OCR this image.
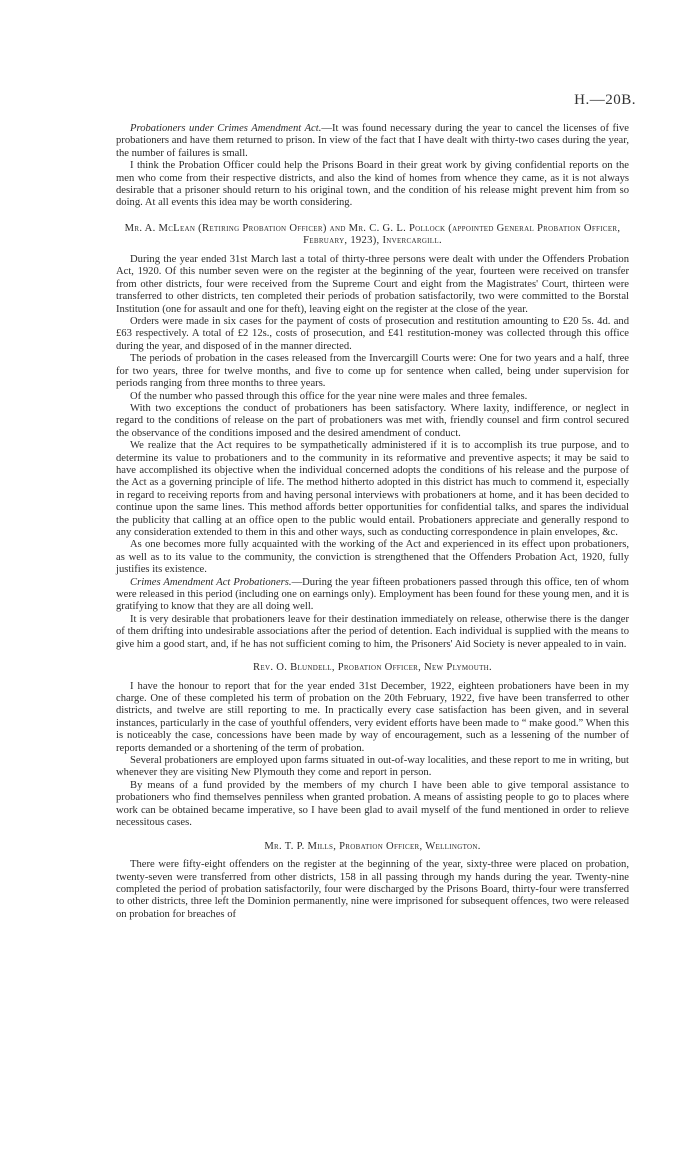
H.—20B.

Probationers under Crimes Amendment Act.—It was found necessary during the year to cancel the licenses of five probationers and have them returned to prison. In view of the fact that I have dealt with thirty-two cases during the year, the number of failures is small.

I think the Probation Officer could help the Prisons Board in their great work by giving confidential reports on the men who come from their respective districts, and also the kind of homes from whence they came, as it is not always desirable that a prisoner should return to his original town, and the condition of his release might prevent him from so doing. At all events this idea may be worth considering.

Mr. A. McLean (Retiring Probation Officer) and Mr. C. G. L. Pollock (appointed General Probation Officer, February, 1923), Invercargill.

During the year ended 31st March last a total of thirty-three persons were dealt with under the Offenders Probation Act, 1920. Of this number seven were on the register at the beginning of the year, fourteen were received on transfer from other districts, four were received from the Supreme Court and eight from the Magistrates' Court, thirteen were transferred to other districts, ten completed their periods of probation satisfactorily, two were committed to the Borstal Institution (one for assault and one for theft), leaving eight on the register at the close of the year.

Orders were made in six cases for the payment of costs of prosecution and restitution amounting to £20 5s. 4d. and £63 respectively. A total of £2 12s., costs of prosecution, and £41 restitution-money was collected through this office during the year, and disposed of in the manner directed.

The periods of probation in the cases released from the Invercargill Courts were: One for two years and a half, three for two years, three for twelve months, and five to come up for sentence when called, being under supervision for periods ranging from three months to three years.

Of the number who passed through this office for the year nine were males and three females.

With two exceptions the conduct of probationers has been satisfactory. Where laxity, indifference, or neglect in regard to the conditions of release on the part of probationers was met with, friendly counsel and firm control secured the observance of the conditions imposed and the desired amendment of conduct.

We realize that the Act requires to be sympathetically administered if it is to accomplish its true purpose, and to determine its value to probationers and to the community in its reformative and preventive aspects; it may be said to have accomplished its objective when the individual concerned adopts the conditions of his release and the purpose of the Act as a governing principle of life. The method hitherto adopted in this district has much to commend it, especially in regard to receiving reports from and having personal interviews with probationers at home, and it has been decided to continue upon the same lines. This method affords better opportunities for confidential talks, and spares the individual the publicity that calling at an office open to the public would entail. Probationers appreciate and generally respond to any consideration extended to them in this and other ways, such as conducting correspondence in plain envelopes, &c.

As one becomes more fully acquainted with the working of the Act and experienced in its effect upon probationers, as well as to its value to the community, the conviction is strengthened that the Offenders Probation Act, 1920, fully justifies its existence.

Crimes Amendment Act Probationers.—During the year fifteen probationers passed through this office, ten of whom were released in this period (including one on earnings only). Employment has been found for these young men, and it is gratifying to know that they are all doing well.

It is very desirable that probationers leave for their destination immediately on release, otherwise there is the danger of them drifting into undesirable associations after the period of detention. Each individual is supplied with the means to give him a good start, and, if he has not sufficient coming to him, the Prisoners' Aid Society is never appealed to in vain.

Rev. O. Blundell, Probation Officer, New Plymouth.

I have the honour to report that for the year ended 31st December, 1922, eighteen probationers have been in my charge. One of these completed his term of probation on the 20th February, 1922, five have been transferred to other districts, and twelve are still reporting to me. In practically every case satisfaction has been given, and in several instances, particularly in the case of youthful offenders, very evident efforts have been made to “ make good.” When this is noticeably the case, concessions have been made by way of encouragement, such as a lessening of the number of reports demanded or a shortening of the term of probation.

Several probationers are employed upon farms situated in out-of-way localities, and these report to me in writing, but whenever they are visiting New Plymouth they come and report in person.

By means of a fund provided by the members of my church I have been able to give temporal assistance to probationers who find themselves penniless when granted probation. A means of assisting people to go to places where work can be obtained became imperative, so I have been glad to avail myself of the fund mentioned in order to relieve necessitous cases.

Mr. T. P. Mills, Probation Officer, Wellington.

There were fifty-eight offenders on the register at the beginning of the year, sixty-three were placed on probation, twenty-seven were transferred from other districts, 158 in all passing through my hands during the year. Twenty-nine completed the period of probation satisfactorily, four were discharged by the Prisons Board, thirty-four were transferred to other districts, three left the Dominion permanently, nine were imprisoned for subsequent offences, two were released on probation for breaches of
